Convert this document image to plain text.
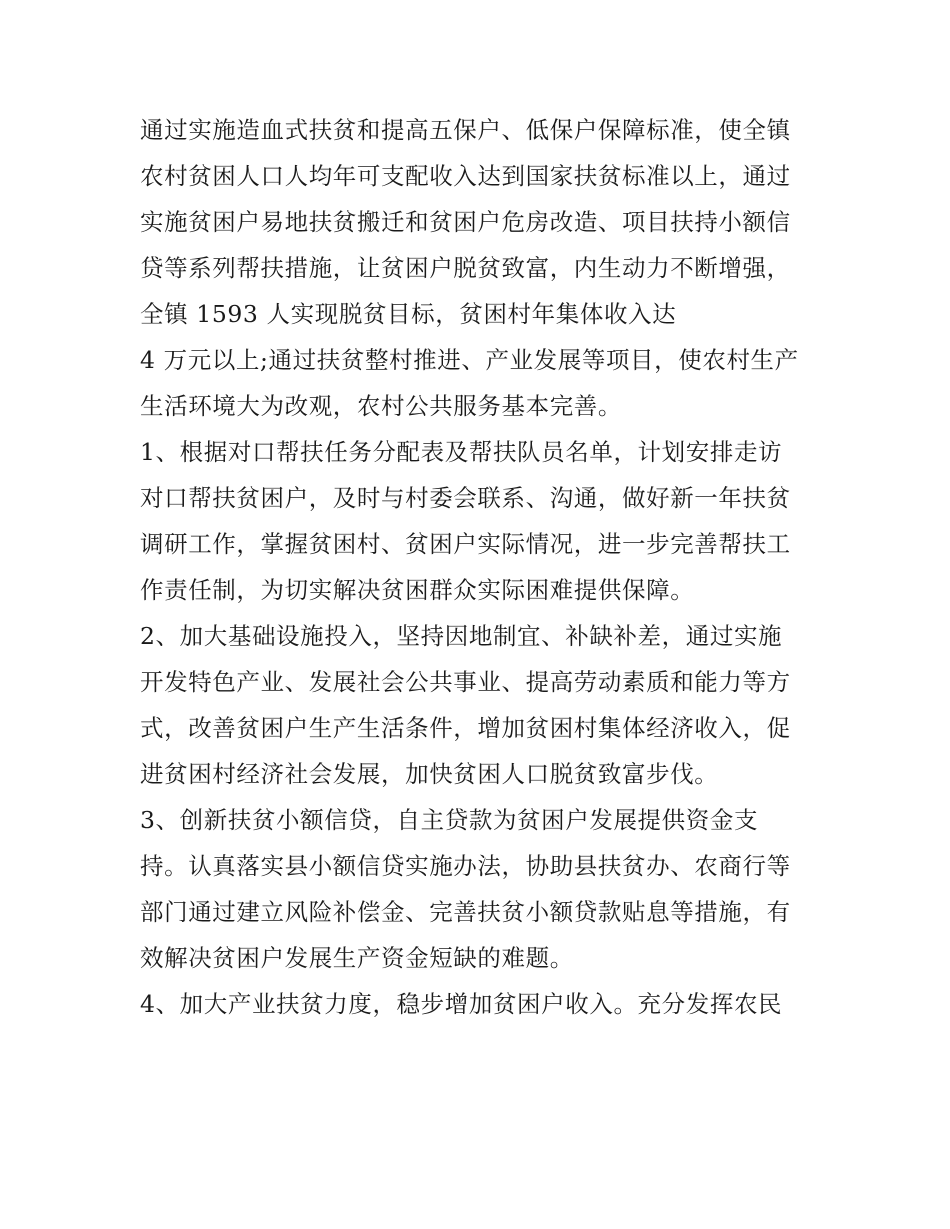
通过实施造血式扶贫和提高五保户、低保户保障标准，使全镇
农村贫困人口人均年可支配收入达到国家扶贫标准以上，通过
实施贫困户易地扶贫搬迁和贫困户危房改造、项目扶持小额信
贷等系列帮扶措施，让贫困户脱贫致富，内生动力不断增强，
全镇 1593 人实现脱贫目标，贫困村年集体收入达
4 万元以上;通过扶贫整村推进、产业发展等项目，使农村生产
生活环境大为改观，农村公共服务基本完善。
1、根据对口帮扶任务分配表及帮扶队员名单，计划安排走访
对口帮扶贫困户，及时与村委会联系、沟通，做好新一年扶贫
调研工作，掌握贫困村、贫困户实际情况，进一步完善帮扶工
作责任制，为切实解决贫困群众实际困难提供保障。
2、加大基础设施投入，坚持因地制宜、补缺补差，通过实施
开发特色产业、发展社会公共事业、提高劳动素质和能力等方
式，改善贫困户生产生活条件，增加贫困村集体经济收入，促
进贫困村经济社会发展，加快贫困人口脱贫致富步伐。
3、创新扶贫小额信贷，自主贷款为贫困户发展提供资金支
持。认真落实县小额信贷实施办法，协助县扶贫办、农商行等
部门通过建立风险补偿金、完善扶贫小额贷款贴息等措施，有
效解决贫困户发展生产资金短缺的难题。
4、加大产业扶贫力度，稳步增加贫困户收入。充分发挥农民
